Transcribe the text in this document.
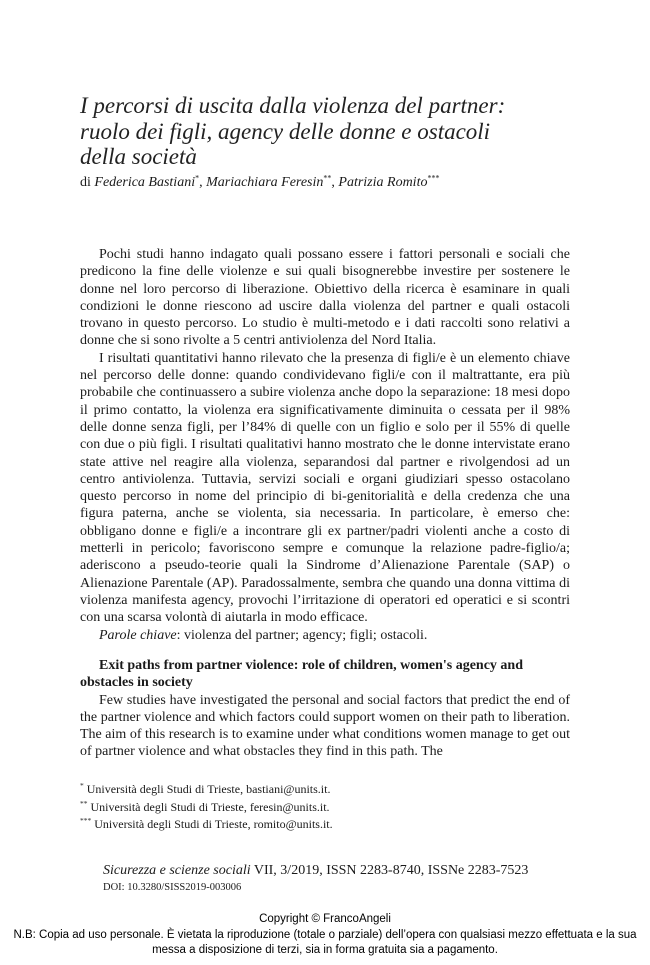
I percorsi di uscita dalla violenza del partner:
ruolo dei figli, agency delle donne e ostacoli
della società
di Federica Bastiani*, Mariachiara Feresin**, Patrizia Romito***

Pochi studi hanno indagato quali possano essere i fattori personali e sociali che predicono la fine delle violenze e sui quali bisognerebbe investire per sostenere le donne nel loro percorso di liberazione. Obiettivo della ricerca è esaminare in quali condizioni le donne riescono ad uscire dalla violenza del partner e quali ostacoli trovano in questo percorso. Lo studio è multi-metodo e i dati raccolti sono relativi a donne che si sono rivolte a 5 centri antiviolenza del Nord Italia.

I risultati quantitativi hanno rilevato che la presenza di figli/e è un elemento chiave nel percorso delle donne: quando condividevano figli/e con il maltrattante, era più probabile che continuassero a subire violenza anche dopo la separazione: 18 mesi dopo il primo contatto, la violenza era significativamente diminuita o cessata per il 98% delle donne senza figli, per l’84% di quelle con un figlio e solo per il 55% di quelle con due o più figli. I risultati qualitativi hanno mostrato che le donne intervistate erano state attive nel reagire alla violenza, separandosi dal partner e rivolgendosi ad un centro antiviolenza. Tuttavia, servizi sociali e organi giudiziari spesso ostacolano questo percorso in nome del principio di bi-genitorialità e della credenza che una figura paterna, anche se violenta, sia necessaria. In particolare, è emerso che: obbligano donne e figli/e a incontrare gli ex partner/padri violenti anche a costo di metterli in pericolo; favoriscono sempre e comunque la relazione padre-figlio/a; aderiscono a pseudo-teorie quali la Sindrome d’Alienazione Parentale (SAP) o Alienazione Parentale (AP). Paradossalmente, sembra che quando una donna vittima di violenza manifesta agency, provochi l’irritazione di operatori ed operatici e si scontri con una scarsa volontà di aiutarla in modo efficace.

Parole chiave: violenza del partner; agency; figli; ostacoli.

Exit paths from partner violence: role of children, women's agency and obstacles in society

Few studies have investigated the personal and social factors that predict the end of the partner violence and which factors could support women on their path to liberation. The aim of this research is to examine under what conditions women manage to get out of partner violence and what obstacles they find in this path. The

* Università degli Studi di Trieste, bastiani@units.it.
** Università degli Studi di Trieste, feresin@units.it.
*** Università degli Studi di Trieste, romito@units.it.
Sicurezza e scienze sociali VII, 3/2019, ISSN 2283-8740, ISSNe 2283-7523
DOI: 10.3280/SISS2019-003006
Copyright © FrancoAngeli
N.B: Copia ad uso personale. È vietata la riproduzione (totale o parziale) dell’opera con qualsiasi mezzo effettuata e la sua messa a disposizione di terzi, sia in forma gratuita sia a pagamento.
